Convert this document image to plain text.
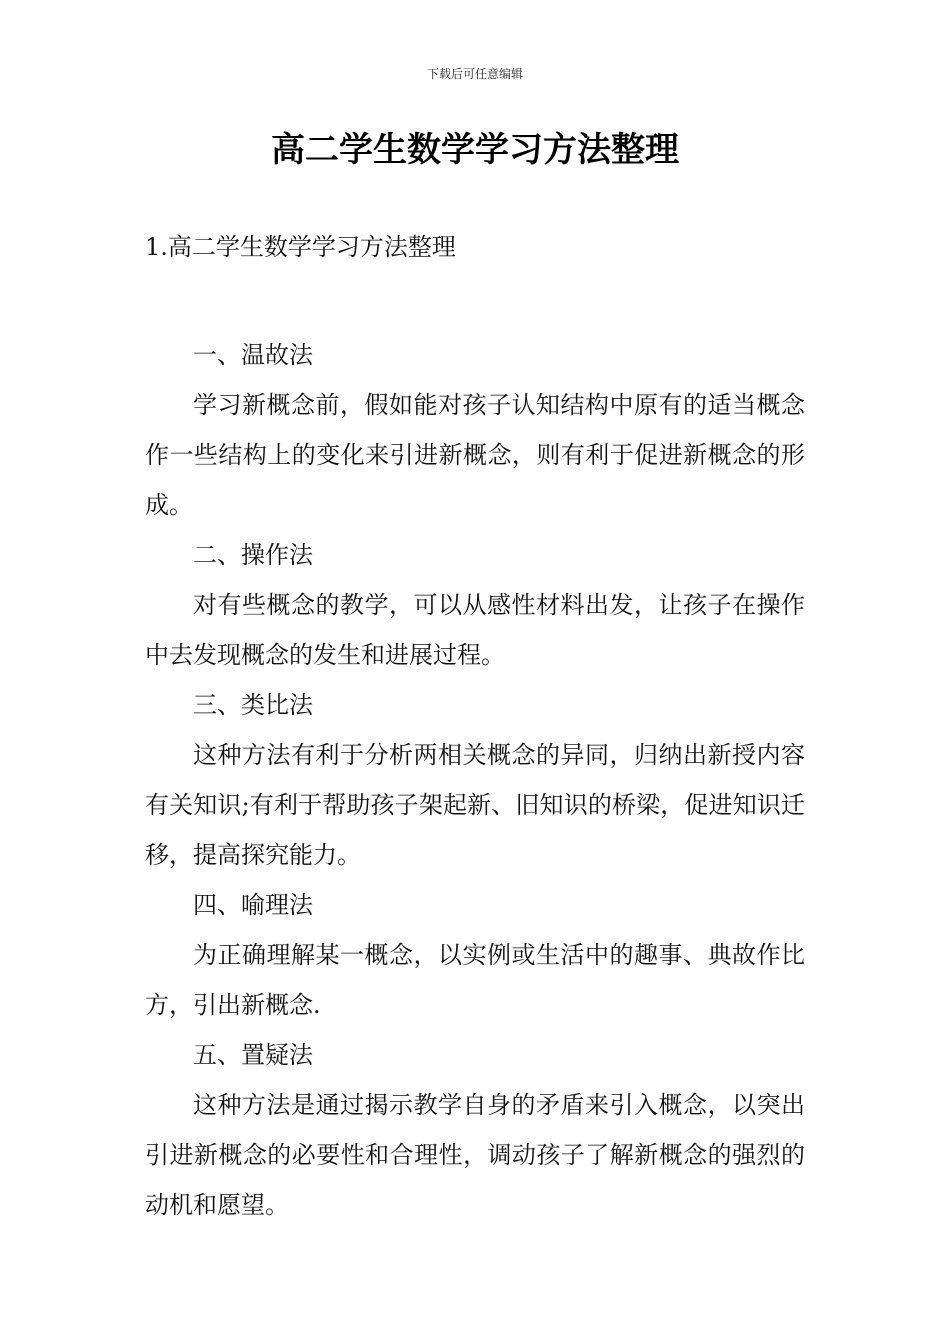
下载后可任意编辑
高二学生数学学习方法整理
1.高二学生数学学习方法整理
一、温故法

学习新概念前，假如能对孩子认知结构中原有的适当概念作一些结构上的变化来引进新概念，则有利于促进新概念的形成。

二、操作法

对有些概念的教学，可以从感性材料出发，让孩子在操作中去发现概念的发生和进展过程。

三、类比法

这种方法有利于分析两相关概念的异同，归纳出新授内容有关知识;有利于帮助孩子架起新、旧知识的桥梁，促进知识迁移，提高探究能力。

四、喻理法

为正确理解某一概念，以实例或生活中的趣事、典故作比方，引出新概念.

五、置疑法

这种方法是通过揭示教学自身的矛盾来引入概念，以突出引进新概念的必要性和合理性，调动孩子了解新概念的强烈的动机和愿望。
